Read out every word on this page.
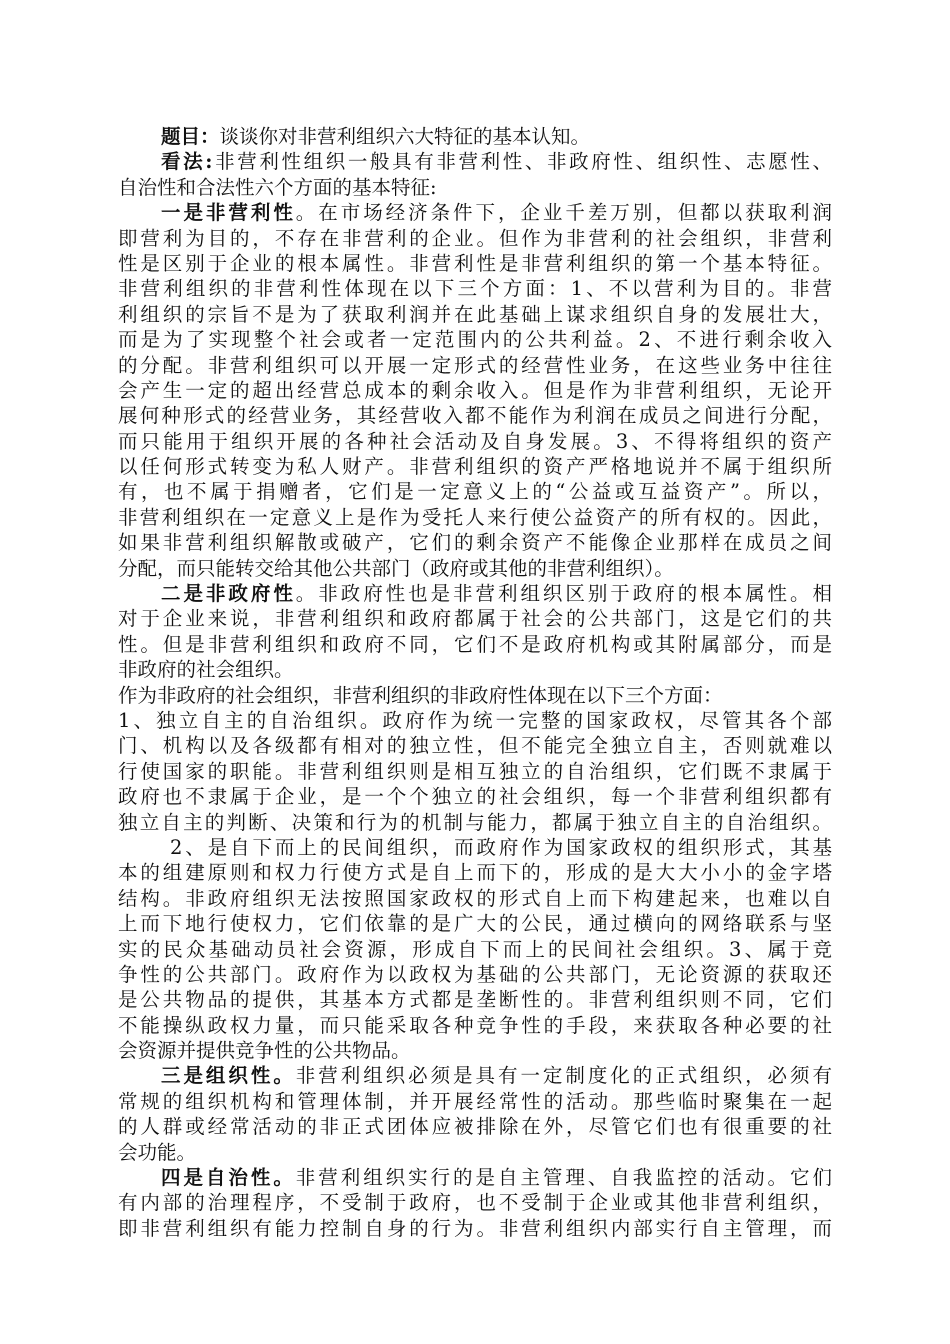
题目：谈谈你对非营利组织六大特征的基本认知。
看法:非营利性组织一般具有非营利性、非政府性、组织性、志愿性、
自治性和合法性六个方面的基本特征:
一是非营利性。在市场经济条件下，企业千差万别，但都以获取利润
即营利为目的，不存在非营利的企业。但作为非营利的社会组织，非营利
性是区别于企业的根本属性。非营利性是非营利组织的第一个基本特征。
非营利组织的非营利性体现在以下三个方面：1、不以营利为目的。非营
利组织的宗旨不是为了获取利润并在此基础上谋求组织自身的发展壮大，
而是为了实现整个社会或者一定范围内的公共利益。2、不进行剩余收入
的分配。非营利组织可以开展一定形式的经营性业务，在这些业务中往往
会产生一定的超出经营总成本的剩余收入。但是作为非营利组织，无论开
展何种形式的经营业务，其经营收入都不能作为利润在成员之间进行分配，
而只能用于组织开展的各种社会活动及自身发展。3、不得将组织的资产
以任何形式转变为私人财产。非营利组织的资产严格地说并不属于组织所
有，也不属于捐赠者，它们是一定意义上的“公益或互益资产”。所以，
非营利组织在一定意义上是作为受托人来行使公益资产的所有权的。因此，
如果非营利组织解散或破产，它们的剩余资产不能像企业那样在成员之间
分配，而只能转交给其他公共部门（政府或其他的非营利组织）。
二是非政府性。非政府性也是非营利组织区别于政府的根本属性。相
对于企业来说，非营利组织和政府都属于社会的公共部门，这是它们的共
性。但是非营利组织和政府不同，它们不是政府机构或其附属部分，而是
非政府的社会组织。
作为非政府的社会组织，非营利组织的非政府性体现在以下三个方面：
1、独立自主的自治组织。政府作为统一完整的国家政权，尽管其各个部
门、机构以及各级都有相对的独立性，但不能完全独立自主，否则就难以
行使国家的职能。非营利组织则是相互独立的自治组织，它们既不隶属于
政府也不隶属于企业，是一个个独立的社会组织，每一个非营利组织都有
独立自主的判断、决策和行为的机制与能力，都属于独立自主的自治组织。
2、是自下而上的民间组织，而政府作为国家政权的组织形式，其基
本的组建原则和权力行使方式是自上而下的，形成的是大大小小的金字塔
结构。非政府组织无法按照国家政权的形式自上而下构建起来，也难以自
上而下地行使权力，它们依靠的是广大的公民，通过横向的网络联系与坚
实的民众基础动员社会资源，形成自下而上的民间社会组织。3、属于竞
争性的公共部门。政府作为以政权为基础的公共部门，无论资源的获取还
是公共物品的提供，其基本方式都是垄断性的。非营利组织则不同，它们
不能操纵政权力量，而只能采取各种竞争性的手段，来获取各种必要的社
会资源并提供竞争性的公共物品。
三是组织性。非营利组织必须是具有一定制度化的正式组织，必须有
常规的组织机构和管理体制，并开展经常性的活动。那些临时聚集在一起
的人群或经常活动的非正式团体应被排除在外，尽管它们也有很重要的社
会功能。
四是自治性。非营利组织实行的是自主管理、自我监控的活动。它们
有内部的治理程序，不受制于政府，也不受制于企业或其他非营利组织，
即非营利组织有能力控制自身的行为。非营利组织内部实行自主管理，而
